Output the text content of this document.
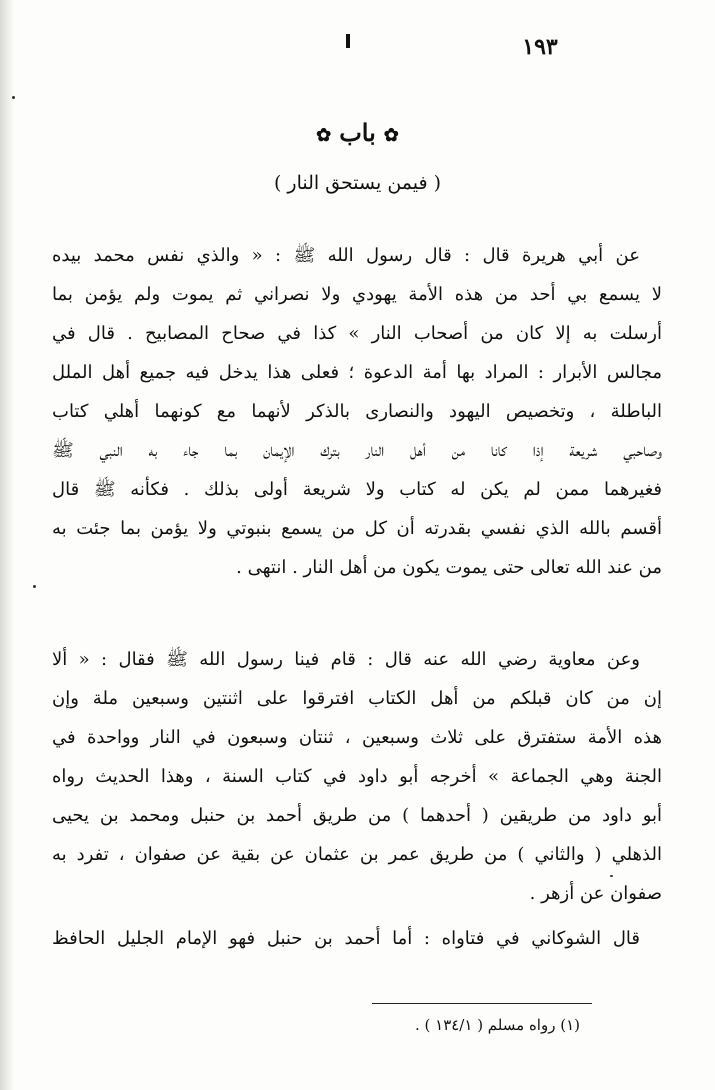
١٩٣
✿باب✿
( فيمن يستحق النار )
عن أبي هريرة قال : قال رسول الله ﷺ : « والذي نفس محمد بيده
لا يسمع بي أحد من هذه الأمة يهودي ولا نصراني ثم يموت ولم يؤمن بما
أرسلت به إلا كان من أصحاب النار » كذا في صحاح المصابيح . قال في
مجالس الأبرار : المراد بها أمة الدعوة ؛ فعلى هذا يدخل فيه جميع أهل الملل
الباطلة ، وتخصيص اليهود والنصارى بالذكر لأنهما مع كونهما أهلي كتاب
وصاحبي شريعة إذا كانا من أهل النار بترك الإيمان بما جاء به النبي ﷺ
فغيرهما ممن لم يكن له كتاب ولا شريعة أولى بذلك . فكأنه ﷺ قال
أقسم بالله الذي نفسي بقدرته أن كل من يسمع بنبوتي ولا يؤمن بما جئت به
من عند الله تعالى حتى يموت يكون من أهل النار . انتهى .
وعن معاوية رضي الله عنه قال : قام فينا رسول الله ﷺ فقال : « ألا
إن من كان قبلكم من أهل الكتاب افترقوا على اثنتين وسبعين ملة وإن
هذه الأمة ستفترق على ثلاث وسبعين ، ثنتان وسبعون في النار وواحدة في
الجنة وهي الجماعة » أخرجه أبو داود في كتاب السنة ، وهذا الحديث رواه
أبو داود من طريقين ( أحدهما ) من طريق أحمد بن حنبل ومحمد بن يحيى
الذهلي ( والثاني ) من طريق عمر بن عثمان عن بقية عن صفوان ، تفرد به
صفوان عن أزهر .
قال الشوكاني في فتاواه : أما أحمد بن حنبل فهو الإمام الجليل الحافظ
(١) رواه مسلم ( ١٣٤/١ ) .
